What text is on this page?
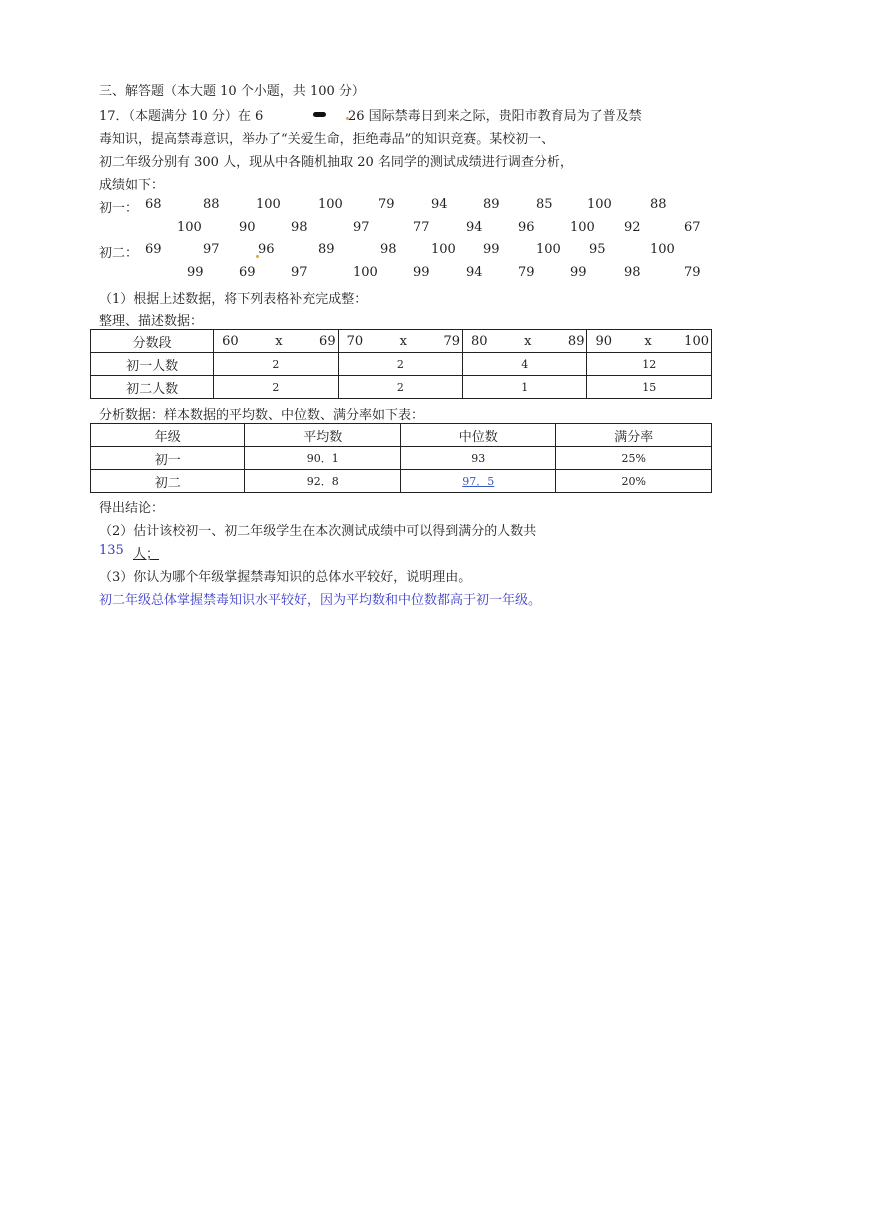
三、解答题（本大题 10 个小题，共 100 分）
17．（本题满分 10 分）在 6	26 国际禁毒日到来之际，贵阳市教育局为了普及禁
毒知识，提高禁毒意识，举办了“关爱生命，拒绝毒品”的知识竞赛。某校初一、
初二年级分别有 300 人，现从中各随机抽取 20 名同学的测试成绩进行调查分析，
成绩如下：
初一： 68	88	100	100	79	94	89	85	100	88
100	90	98	97	77	94	96	100 92	67
初二： 69	97	96	89	98	100 99	100 95	100
99	69	97	100	99	94	79	99	98	79
（1）根据上述数据，将下列表格补充完成整：
整理、描述数据：
分数段	60 x 69	70 x 79	80 x 89	90 x 100

初一人数	2	2	4	12
初二人数	2	2	1	15
分析数据：样本数据的平均数、中位数、满分率如下表：
年级	平均数	中位数	满分率
初一	90．1	93	25%
初二	92．8	97．5	20%
得出结论：
（2）估计该校初一、初二年级学生在本次测试成绩中可以得到满分的人数共
135 人；
（3）你认为哪个年级掌握禁毒知识的总体水平较好，说明理由。
初二年级总体掌握禁毒知识水平较好，因为平均数和中位数都高于初一年级。
